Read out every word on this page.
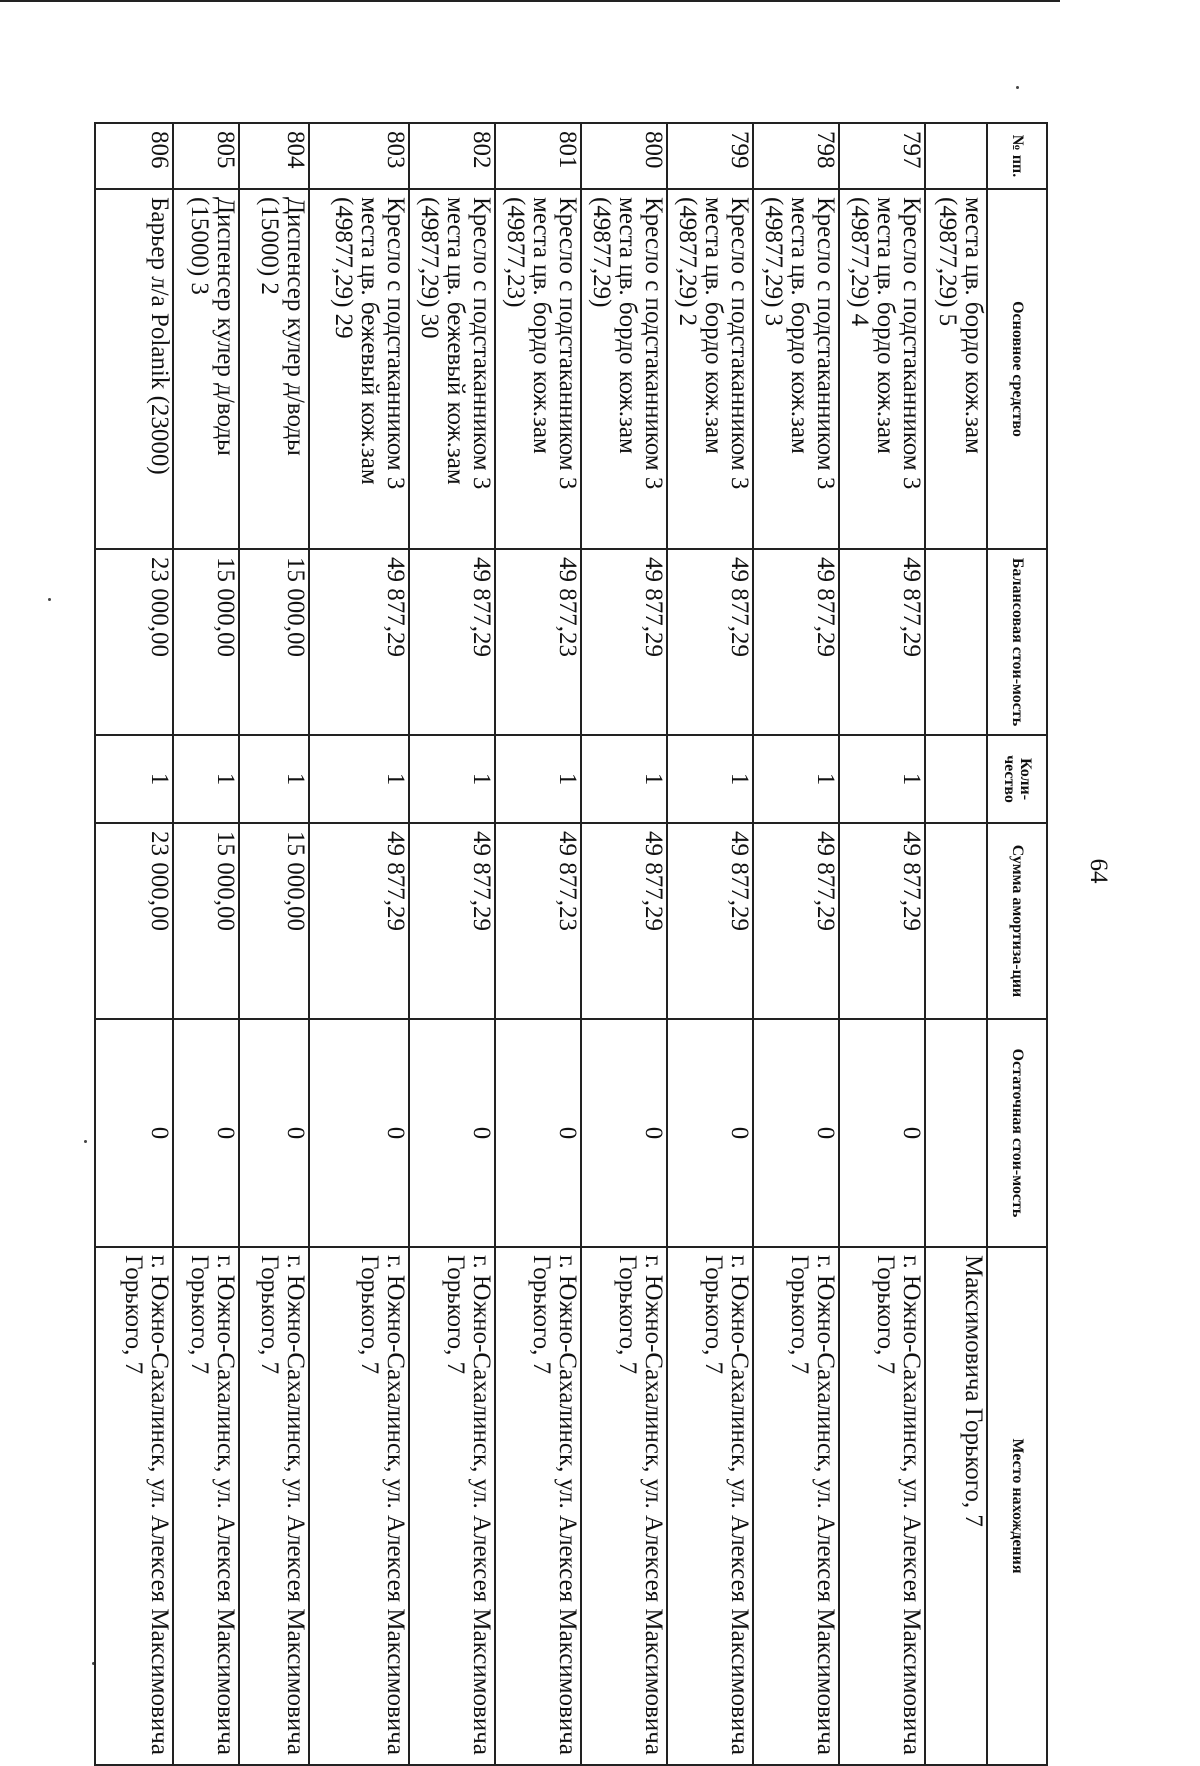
64
№ пп.	Основное средство	Балансовая стои-мость	Коли-чество	Сумма амортиза-ции	Остаточная стои-мость	Место нахождения
	места цв. бордо кож.зам (49877,29) 5					Максимовича Горького, 7
797	Кресло с подстаканником 3 места цв. бордо кож.зам (49877,29) 4	49 877,29	1	49 877,29	0	г. Южно-Сахалинск, ул. Алексея Максимовича Горького, 7
798	Кресло с подстаканником 3 места цв. бордо кож.зам (49877,29) 3	49 877,29	1	49 877,29	0	г. Южно-Сахалинск, ул. Алексея Максимовича Горького, 7
799	Кресло с подстаканником 3 места цв. бордо кож.зам (49877,29) 2	49 877,29	1	49 877,29	0	г. Южно-Сахалинск, ул. Алексея Максимовича Горького, 7
800	Кресло с подстаканником 3 места цв. бордо кож.зам (49877,29)	49 877,29	1	49 877,29	0	г. Южно-Сахалинск, ул. Алексея Максимовича Горького, 7
801	Кресло с подстаканником 3 места цв. бордо кож.зам (49877,23)	49 877,23	1	49 877,23	0	г. Южно-Сахалинск, ул. Алексея Максимовича Горького, 7
802	Кресло с подстаканником 3 места цв. бежевый кож.зам (49877,29) 30	49 877,29	1	49 877,29	0	г. Южно-Сахалинск, ул. Алексея Максимовича Горького, 7
803	Кресло с подстаканником 3 места цв. бежевый кож.зам (49877,29) 29	49 877,29	1	49 877,29	0	г. Южно-Сахалинск, ул. Алексея Максимовича Горького, 7
804	Диспенсер кулер д/воды (15000) 2	15 000,00	1	15 000,00	0	г. Южно-Сахалинск, ул. Алексея Максимовича Горького, 7
805	Диспенсер кулер д/воды (15000) 3	15 000,00	1	15 000,00	0	г. Южно-Сахалинск, ул. Алексея Максимовича Горького, 7
806	Барьер л/а Polanik (23000)	23 000,00	1	23 000,00	0	г. Южно-Сахалинск, ул. Алексея Максимовича Горького, 7
